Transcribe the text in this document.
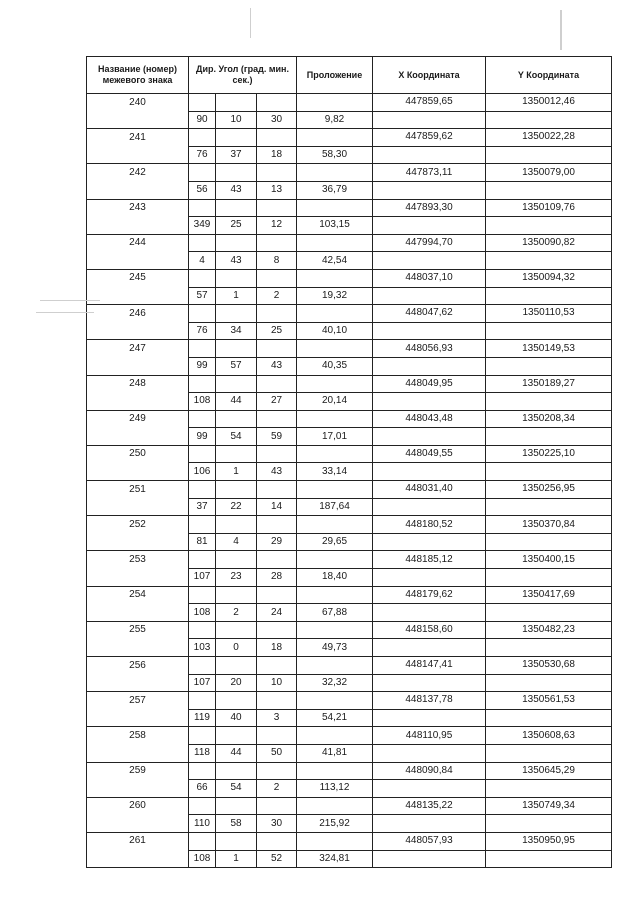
Название (номер) межевого знака	Дир. Угол (град. мин. сек.)			Проложение	X Координата	Y Координата
240					447859,65	1350012,46
	90	10	30	9,82		
241					447859,62	1350022,28
	76	37	18	58,30		
242					447873,11	1350079,00
	56	43	13	36,79		
243					447893,30	1350109,76
	349	25	12	103,15		
244					447994,70	1350090,82
	4	43	8	42,54		
245					448037,10	1350094,32
	57	1	2	19,32		
246					448047,62	1350110,53
	76	34	25	40,10		
247					448056,93	1350149,53
	99	57	43	40,35		
248					448049,95	1350189,27
	108	44	27	20,14		
249					448043,48	1350208,34
	99	54	59	17,01		
250					448049,55	1350225,10
	106	1	43	33,14		
251					448031,40	1350256,95
	37	22	14	187,64		
252					448180,52	1350370,84
	81	4	29	29,65		
253					448185,12	1350400,15
	107	23	28	18,40		
254					448179,62	1350417,69
	108	2	24	67,88		
255					448158,60	1350482,23
	103	0	18	49,73		
256					448147,41	1350530,68
	107	20	10	32,32		
257					448137,78	1350561,53
	119	40	3	54,21		
258					448110,95	1350608,63
	118	44	50	41,81		
259					448090,84	1350645,29
	66	54	2	113,12		
260					448135,22	1350749,34
	110	58	30	215,92		
261					448057,93	1350950,95
	108	1	52	324,81		
